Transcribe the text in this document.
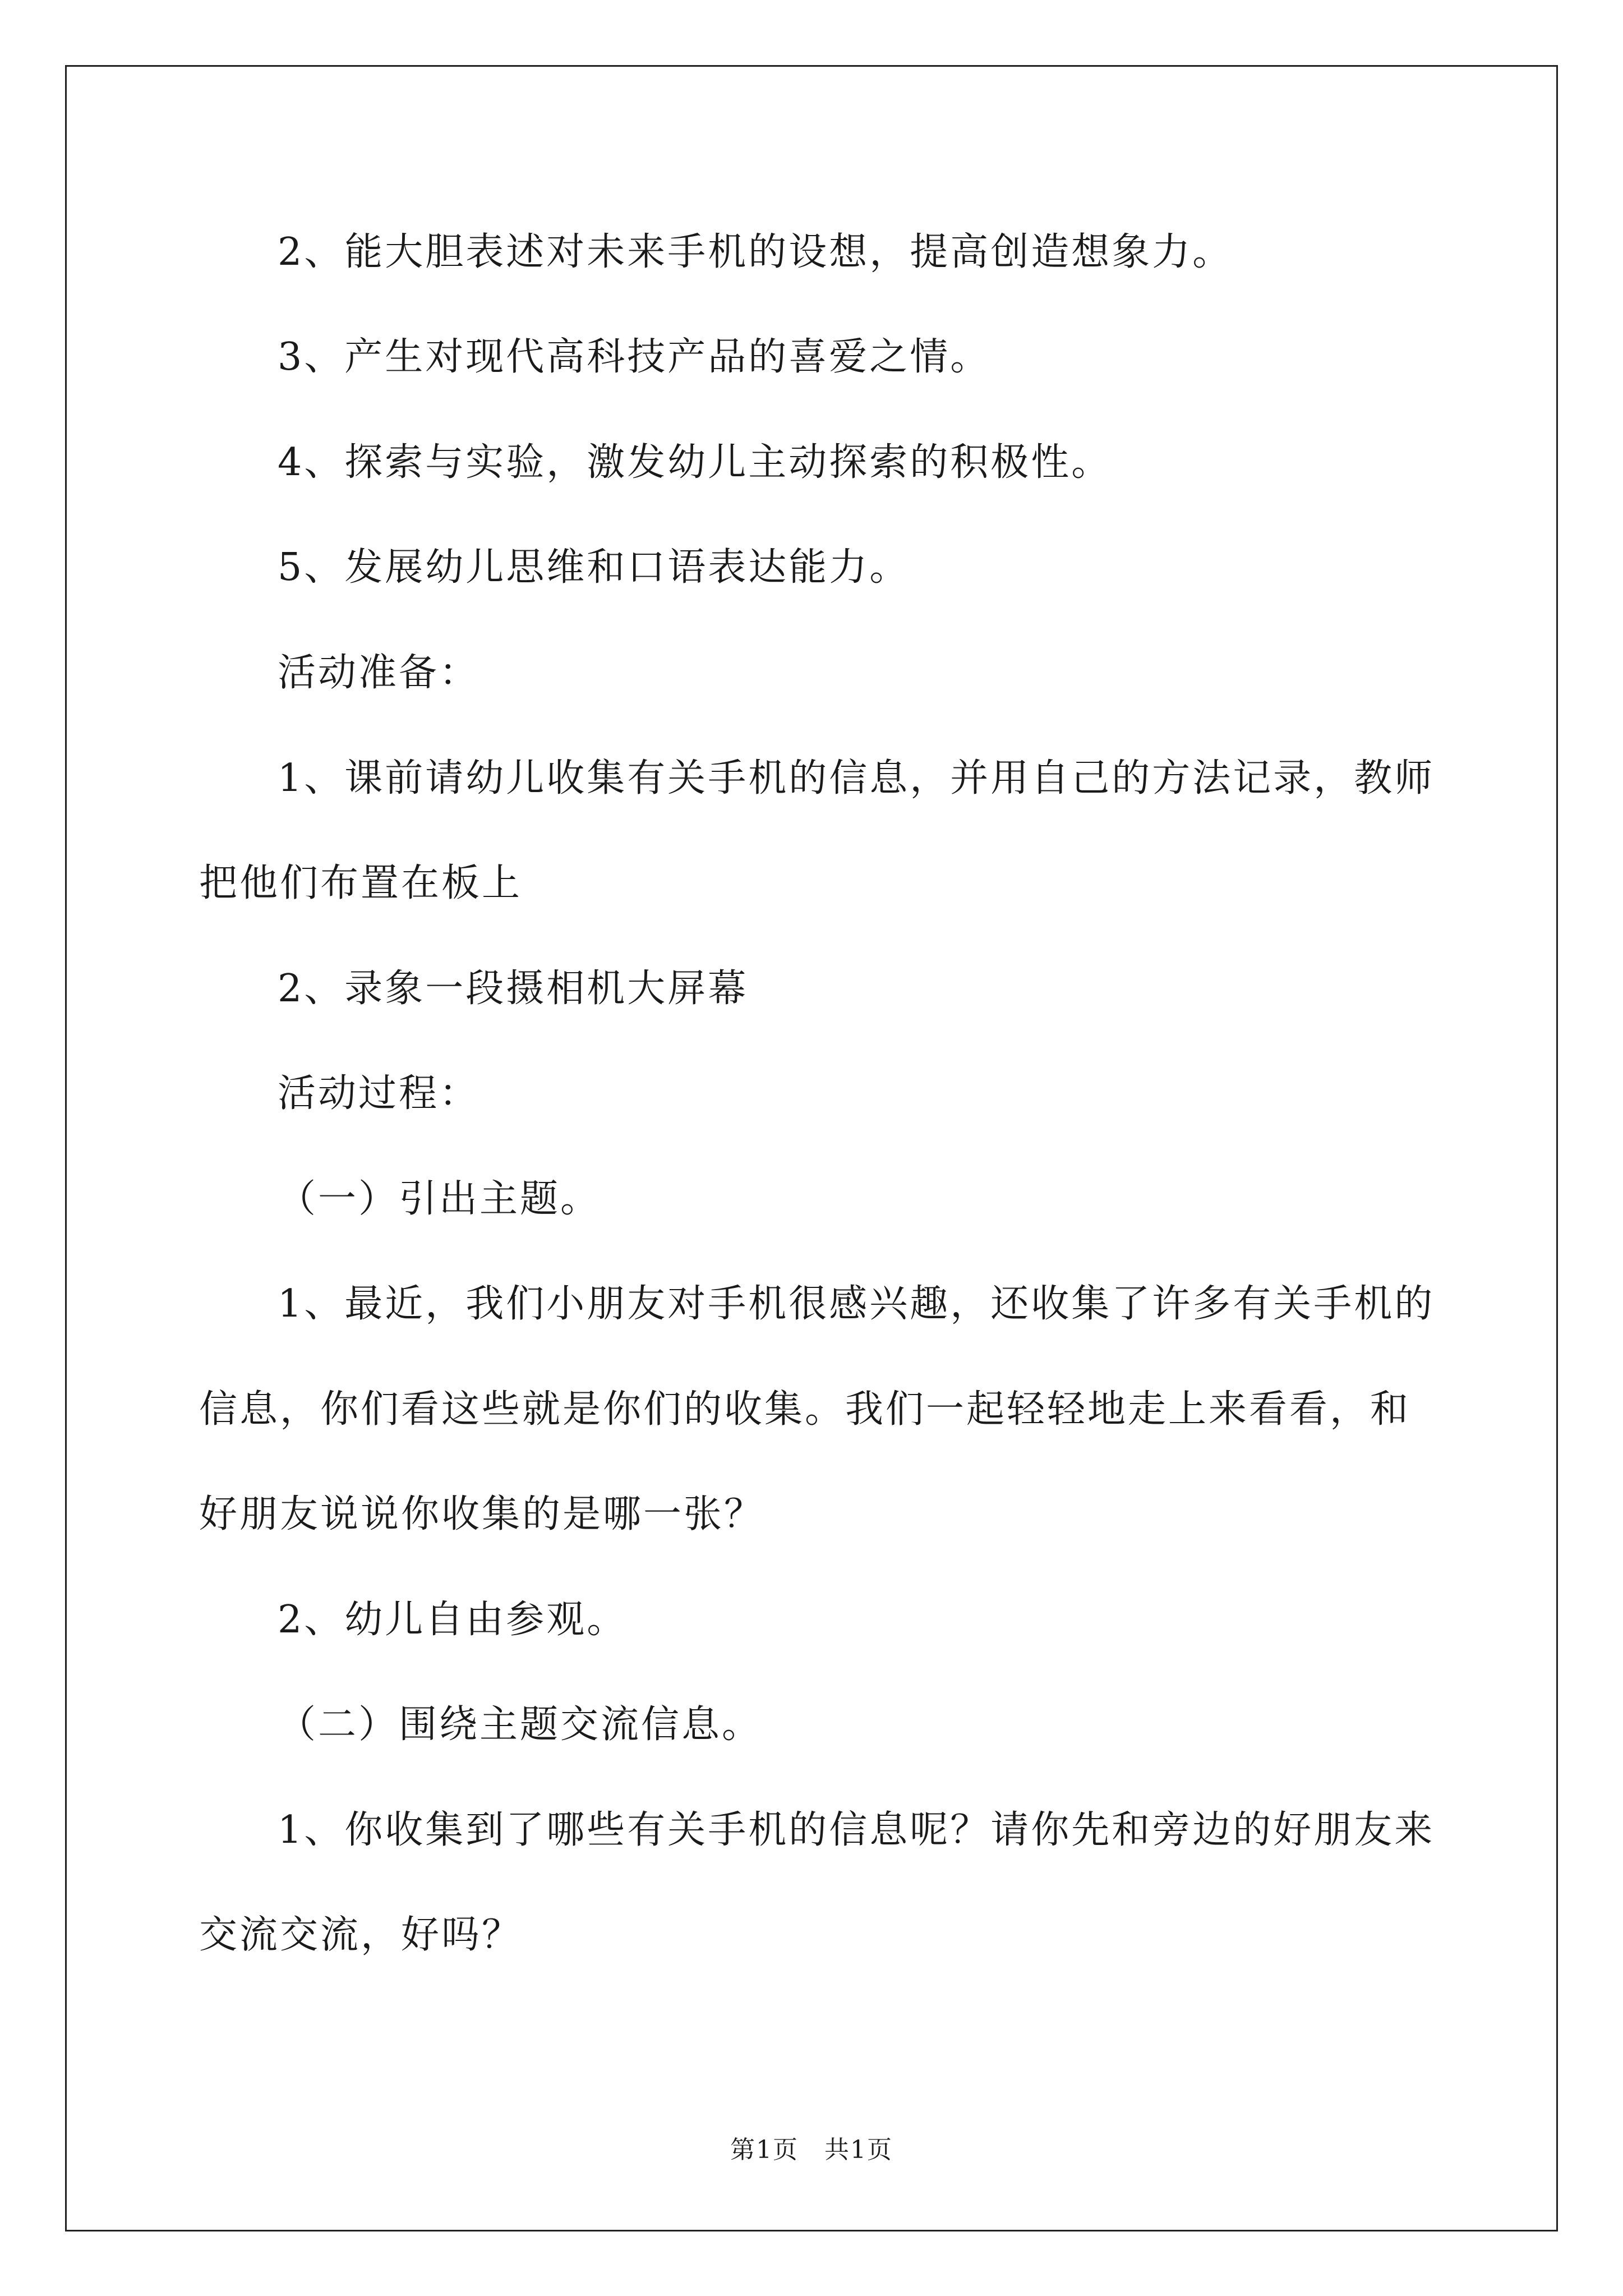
2、能大胆表述对未来手机的设想，提高创造想象力。
3、产生对现代高科技产品的喜爱之情。
4、探索与实验，激发幼儿主动探索的积极性。
5、发展幼儿思维和口语表达能力。
活动准备：
1、课前请幼儿收集有关手机的信息，并用自己的方法记录，教师
把他们布置在板上
2、录象一段摄相机大屏幕
活动过程：
（一）引出主题。
1、最近，我们小朋友对手机很感兴趣，还收集了许多有关手机的
信息，你们看这些就是你们的收集。我们一起轻轻地走上来看看，和
好朋友说说你收集的是哪一张？
2、幼儿自由参观。
（二）围绕主题交流信息。
1、你收集到了哪些有关手机的信息呢？请你先和旁边的好朋友来
交流交流，好吗？
第1页　共1页
